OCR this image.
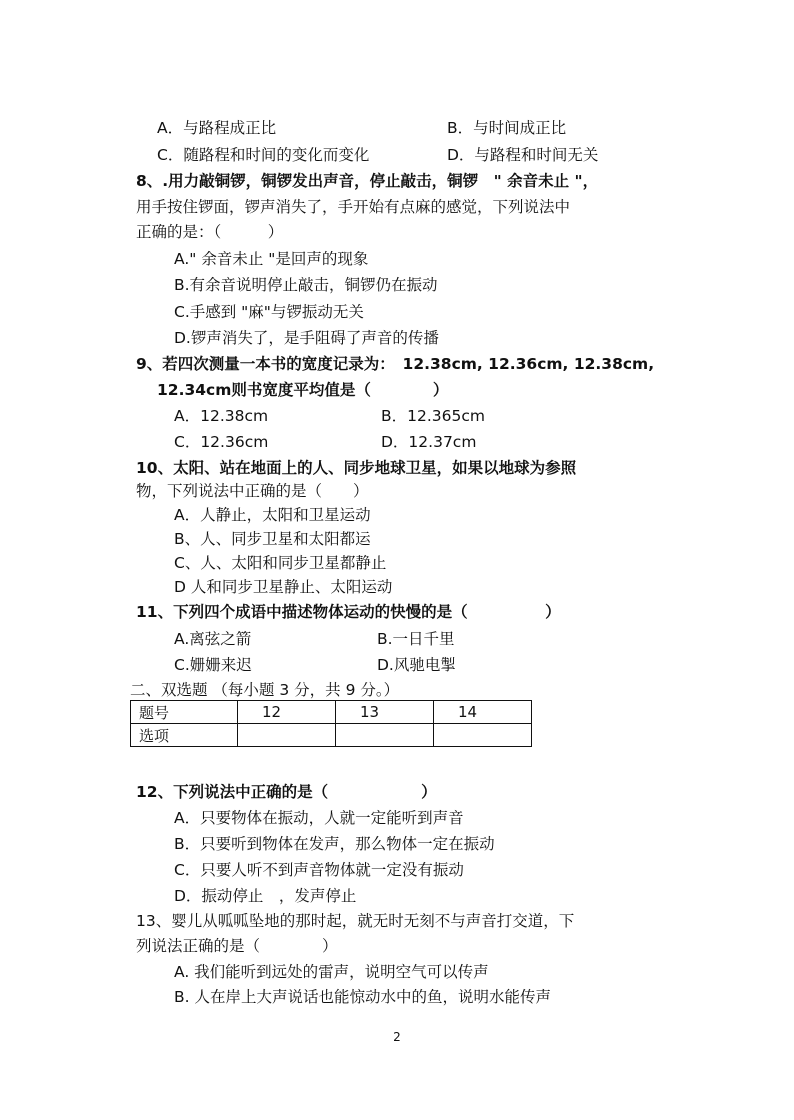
A．与路程成正比	B．与时间成正比
C．随路程和时间的变化而变化	D．与路程和时间无关
8、.用力敲铜锣，铜锣发出声音，停止敲击，铜锣　" 余音未止 "，
用手按住锣面，锣声消失了，手开始有点麻的感觉，下列说法中
正确的是：（　　　）
A." 余音未止 "是回声的现象
B.有余音说明停止敲击，铜锣仍在振动
C.手感到 "麻"与锣振动无关
D.锣声消失了，是手阻碍了声音的传播
9、若四次测量一本书的宽度记录为：　12.38cm, 12.36cm, 12.38cm,
12.34cm则书宽度平均值是（　　　　）
A．12.38cm	B．12.365cm
C．12.36cm	D．12.37cm
10、太阳、站在地面上的人、同步地球卫星，如果以地球为参照
物，下列说法中正确的是（　　）
A．人静止，太阳和卫星运动
B、人、同步卫星和太阳都运
C、人、太阳和同步卫星都静止
D 人和同步卫星静止、太阳运动
11、下列四个成语中描述物体运动的快慢的是（　　　　　）
A.离弦之箭	B.一日千里
C.姗姗来迟	D.风驰电掣
二、双选题 （每小题 3 分，共 9 分。）
题号	12	13	14
选项			
12、下列说法中正确的是（　　　　　　）
A．只要物体在振动，人就一定能听到声音
B．只要听到物体在发声，那么物体一定在振动
C．只要人听不到声音物体就一定没有振动
D．振动停止　，发声停止
13、婴儿从呱呱坠地的那时起，就无时无刻不与声音打交道，下
列说法正确的是（　　　　）
A. 我们能听到远处的雷声，说明空气可以传声
B. 人在岸上大声说话也能惊动水中的鱼，说明水能传声
2
